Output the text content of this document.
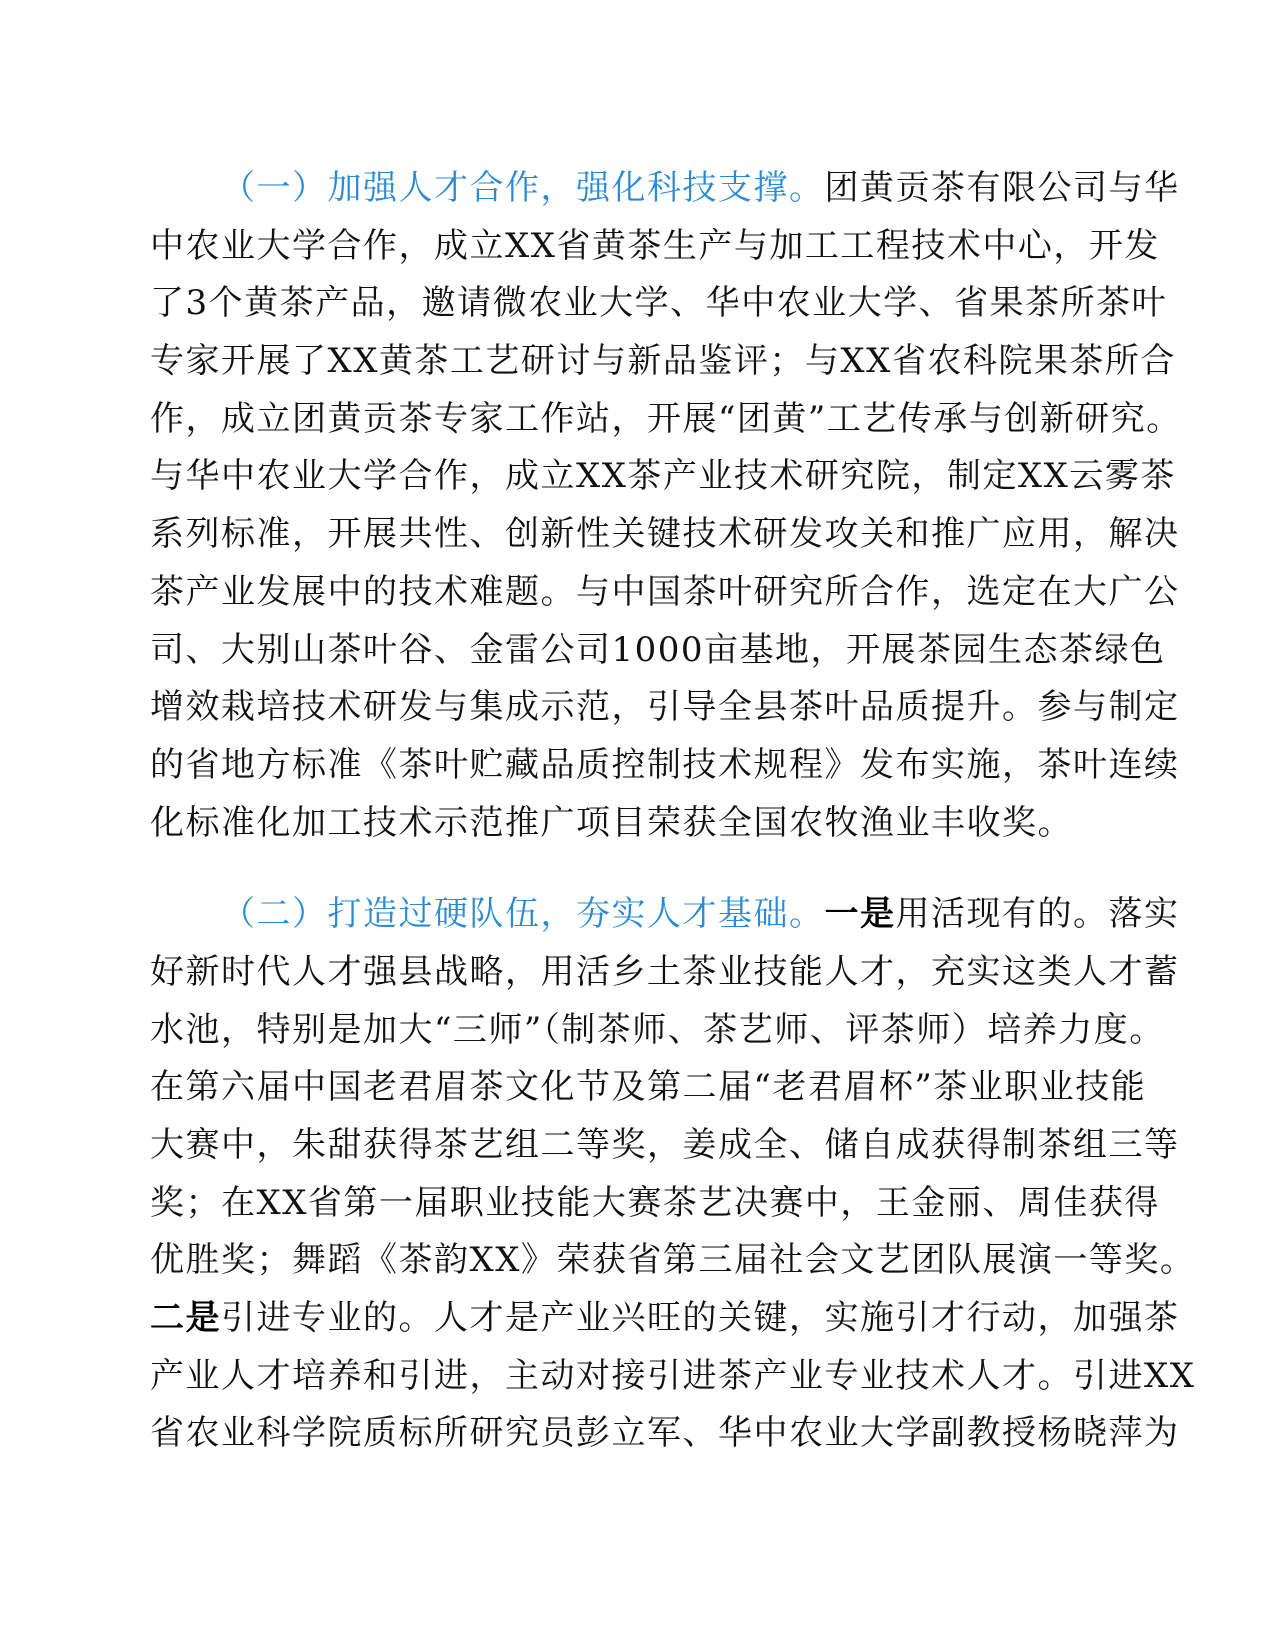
（一）加强人才合作，强化科技支撑。团黄贡茶有限公司与华
中农业大学合作，成立XX省黄茶生产与加工工程技术中心，开发
了3个黄茶产品，邀请微农业大学、华中农业大学、省果茶所茶叶
专家开展了XX黄茶工艺研讨与新品鉴评；与XX省农科院果茶所合
作，成立团黄贡茶专家工作站，开展“团黄”工艺传承与创新研究。
与华中农业大学合作，成立XX茶产业技术研究院，制定XX云雾茶
系列标准，开展共性、创新性关键技术研发攻关和推广应用，解决
茶产业发展中的技术难题。与中国茶叶研究所合作，选定在大广公
司、大别山茶叶谷、金雷公司1000亩基地，开展茶园生态茶绿色
增效栽培技术研发与集成示范，引导全县茶叶品质提升。参与制定
的省地方标准《茶叶贮藏品质控制技术规程》发布实施，茶叶连续
化标准化加工技术示范推广项目荣获全国农牧渔业丰收奖。
（二）打造过硬队伍，夯实人才基础。一是用活现有的。落实
好新时代人才强县战略，用活乡土茶业技能人才，充实这类人才蓄
水池，特别是加大“三师”（制茶师、茶艺师、评茶师）培养力度。
在第六届中国老君眉茶文化节及第二届“老君眉杯”茶业职业技能
大赛中，朱甜获得茶艺组二等奖，姜成全、储自成获得制茶组三等
奖；在XX省第一届职业技能大赛茶艺决赛中，王金丽、周佳获得
优胜奖；舞蹈《茶韵XX》荣获省第三届社会文艺团队展演一等奖。
二是引进专业的。人才是产业兴旺的关键，实施引才行动，加强茶
产业人才培养和引进，主动对接引进茶产业专业技术人才。引进XX
省农业科学院质标所研究员彭立军、华中农业大学副教授杨晓萍为
